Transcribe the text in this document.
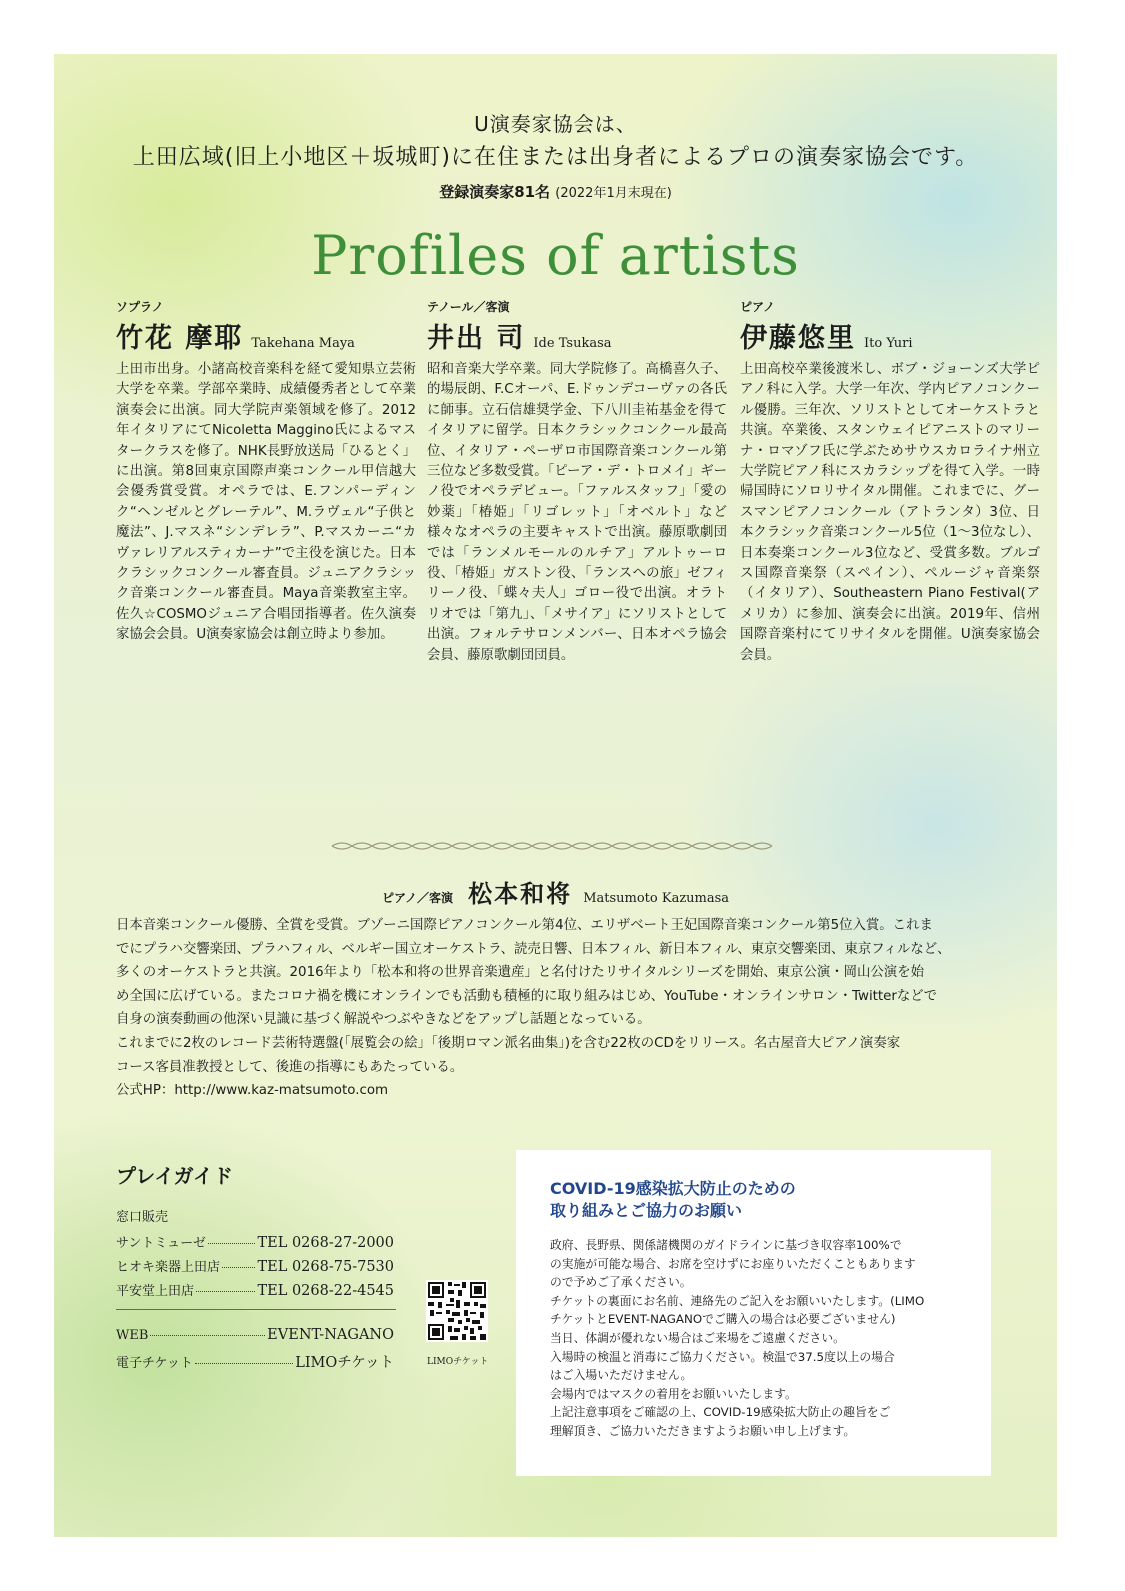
U演奏家協会は、
上田広域(旧上小地区＋坂城町)に在住または出身者によるプロの演奏家協会です。
登録演奏家81名 (2022年1月末現在)
Profiles of artists
ソプラノ
竹花 摩耶 Takehana Maya
上田市出身。小諸高校音楽科を経て愛知県立芸術大学を卒業。学部卒業時、成績優秀者として卒業演奏会に出演。同大学院声楽領域を修了。2012年イタリアにてNicoletta Maggino氏によるマスタークラスを修了。NHK長野放送局「ひるとく」に出演。第8回東京国際声楽コンクール甲信越大会優秀賞受賞。オペラでは、E.フンパーディンク“ヘンゼルとグレーテル”、M.ラヴェル“子供と魔法”、J.マスネ“シンデレラ”、P.マスカーニ“カヴァレリアルスティカーナ”で主役を演じた。日本クラシックコンクール審査員。ジュニアクラシック音楽コンクール審査員。Maya音楽教室主宰。佐久☆COSMOジュニア合唱団指導者。佐久演奏家協会会員。U演奏家協会は創立時より参加。
テノール／客演
井出 司 Ide Tsukasa
昭和音楽大学卒業。同大学院修了。高橋喜久子、的場辰朗、F.Cオーパ、E.ドゥンデコーヴァの各氏に師事。立石信雄奨学金、下八川圭祐基金を得てイタリアに留学。日本クラシックコンクール最高位、イタリア・ペーザロ市国際音楽コンクール第三位など多数受賞。「ピーア・デ・トロメイ」ギーノ役でオペラデビュー。「ファルスタッフ」「愛の妙薬」「椿姫」「リゴレット」「オベルト」など様々なオペラの主要キャストで出演。藤原歌劇団では「ランメルモールのルチア」アルトゥーロ役、「椿姫」ガストン役、「ランスへの旅」ゼフィリーノ役、「蝶々夫人」ゴロー役で出演。オラトリオでは「第九」、「メサイア」にソリストとして出演。フォルテサロンメンバー、日本オペラ協会会員、藤原歌劇団団員。
ピアノ
伊藤悠里 Ito Yuri
上田高校卒業後渡米し、ボブ・ジョーンズ大学ピアノ科に入学。大学一年次、学内ピアノコンクール優勝。三年次、ソリストとしてオーケストラと共演。卒業後、スタンウェイピアニストのマリーナ・ロマゾフ氏に学ぶためサウスカロライナ州立大学院ピアノ科にスカラシップを得て入学。一時帰国時にソロリサイタル開催。これまでに、グースマンピアノコンクール（アトランタ）3位、日本クラシック音楽コンクール5位（1〜3位なし）、日本奏楽コンクール3位など、受賞多数。ブルゴス国際音楽祭（スペイン）、ペルージャ音楽祭（イタリア）、Southeastern Piano Festival(アメリカ）に参加、演奏会に出演。2019年、信州国際音楽村にてリサイタルを開催。U演奏家協会会員。
ピアノ／客演 松本和将 Matsumoto Kazumasa
日本音楽コンクール優勝、全賞を受賞。ブゾーニ国際ピアノコンクール第4位、エリザベート王妃国際音楽コンクール第5位入賞。これま
でにプラハ交響楽団、プラハフィル、ベルギー国立オーケストラ、読売日響、日本フィル、新日本フィル、東京交響楽団、東京フィルなど、
多くのオーケストラと共演。2016年より「松本和将の世界音楽遺産」と名付けたリサイタルシリーズを開始、東京公演・岡山公演を始
め全国に広げている。またコロナ禍を機にオンラインでも活動も積極的に取り組みはじめ、YouTube・オンラインサロン・Twitterなどで
自身の演奏動画の他深い見識に基づく解説やつぶやきなどをアップし話題となっている。
これまでに2枚のレコード芸術特選盤(「展覧会の絵」「後期ロマン派名曲集」)を含む22枚のCDをリリース。名古屋音大ピアノ演奏家
コース客員准教授として、後進の指導にもあたっている。
公式HP：http://www.kaz-matsumoto.com
プレイガイド
窓口販売
サントミューゼ	TEL 0268-27-2000
ヒオキ楽器上田店	TEL 0268-75-7530
平安堂上田店	TEL 0268-22-4545
WEB	EVENT-NAGANO
電子チケット	LIMOチケット	LIMOチケット
COVID-19感染拡大防止のための
取り組みとご協力のお願い
政府、長野県、関係諸機関のガイドラインに基づき収容率100%で
の実施が可能な場合、お席を空けずにお座りいただくこともあります
ので予めご了承ください。
チケットの裏面にお名前、連絡先のご記入をお願いいたします。(LIMO
チケットとEVENT-NAGANOでご購入の場合は必要ございません)
当日、体調が優れない場合はご来場をご遠慮ください。
入場時の検温と消毒にご協力ください。検温で37.5度以上の場合
はご入場いただけません。
会場内ではマスクの着用をお願いいたします。
上記注意事項をご確認の上、COVID-19感染拡大防止の趣旨をご
理解頂き、ご協力いただきますようお願い申し上げます。
